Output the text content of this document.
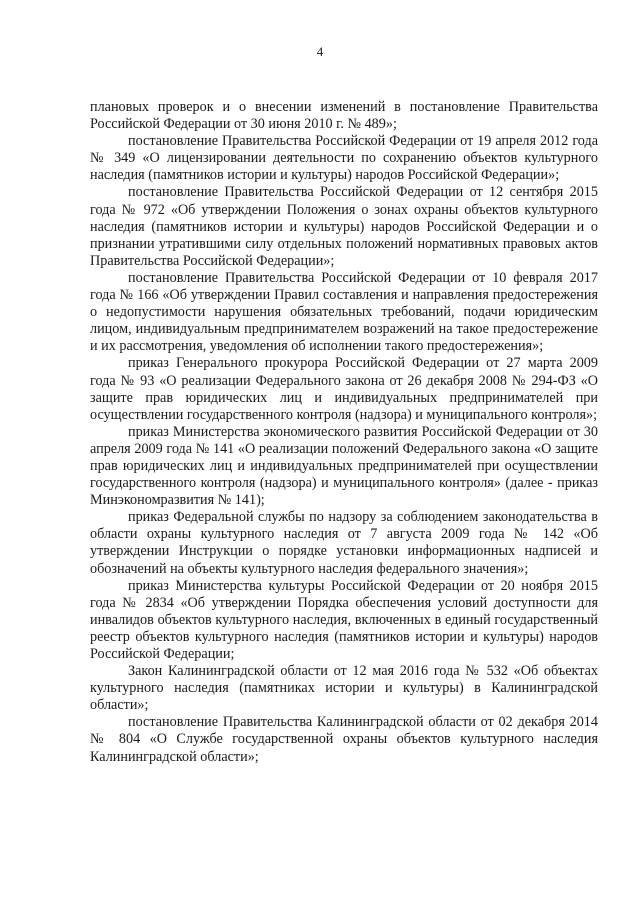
4

плановых проверок и о внесении изменений в постановление Правительства Российской Федерации от 30 июня 2010 г. № 489»;

постановление Правительства Российской Федерации от 19 апреля 2012 года № 349 «О лицензировании деятельности по сохранению объектов культурного наследия (памятников истории и культуры) народов Российской Федерации»;

постановление Правительства Российской Федерации от 12 сентября 2015 года № 972 «Об утверждении Положения о зонах охраны объектов культурного наследия (памятников истории и культуры) народов Российской Федерации и о признании утратившими силу отдельных положений нормативных правовых актов Правительства Российской Федерации»;

постановление Правительства Российской Федерации от 10 февраля 2017 года № 166 «Об утверждении Правил составления и направления предостережения о недопустимости нарушения обязательных требований, подачи юридическим лицом, индивидуальным предпринимателем возражений на такое предостережение и их рассмотрения, уведомления об исполнении такого предостережения»;

приказ Генерального прокурора Российской Федерации от 27 марта 2009 года № 93 «О реализации Федерального закона от 26 декабря 2008 № 294-ФЗ «О защите прав юридических лиц и индивидуальных предпринимателей при осуществлении государственного контроля (надзора) и муниципального контроля»;

приказ Министерства экономического развития Российской Федерации от 30 апреля 2009 года № 141 «О реализации положений Федерального закона «О защите прав юридических лиц и индивидуальных предпринимателей при осуществлении государственного контроля (надзора) и муниципального контроля» (далее - приказ Минэкономразвития № 141);

приказ Федеральной службы по надзору за соблюдением законодательства в области охраны культурного наследия от 7 августа 2009 года № 142 «Об утверждении Инструкции о порядке установки информационных надписей и обозначений на объекты культурного наследия федерального значения»;

приказ Министерства культуры Российской Федерации от 20 ноября 2015 года № 2834 «Об утверждении Порядка обеспечения условий доступности для инвалидов объектов культурного наследия, включенных в единый государственный реестр объектов культурного наследия (памятников истории и культуры) народов Российской Федерации;

Закон Калининградской области от 12 мая 2016 года № 532 «Об объектах культурного наследия (памятниках истории и культуры) в Калининградской области»;

постановление Правительства Калининградской области от 02 декабря 2014 № 804 «О Службе государственной охраны объектов культурного наследия Калининградской области»;
